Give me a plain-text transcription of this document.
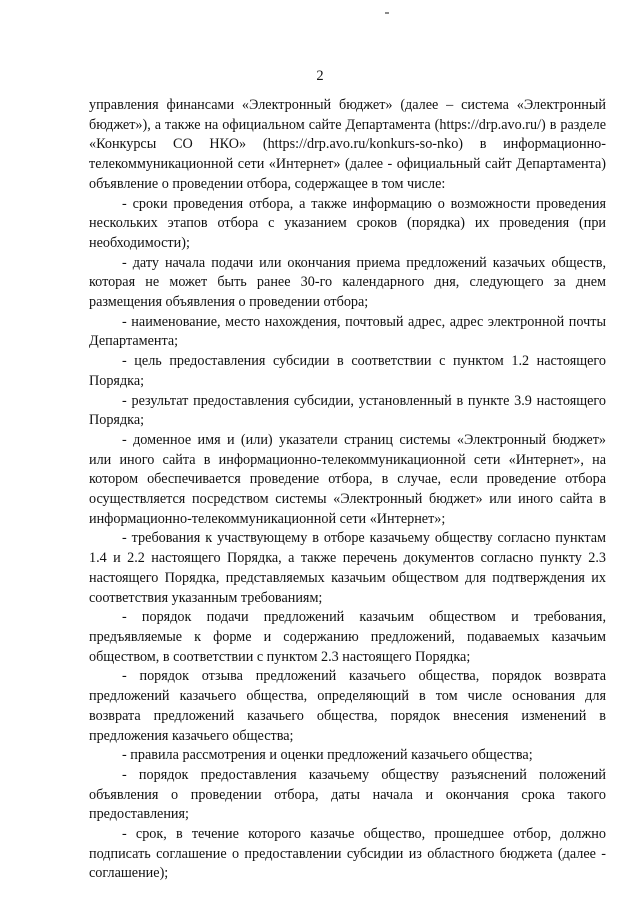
2

управления финансами «Электронный бюджет» (далее – система «Электронный бюджет»), а также на официальном сайте Департамента (https://drp.avo.ru/) в разделе «Конкурсы СО НКО» (https://drp.avo.ru/konkurs-so-nko) в информационно-телекоммуникационной сети «Интернет» (далее - официальный сайт Департамента) объявление о проведении отбора, содержащее в том числе:

- сроки проведения отбора, а также информацию о возможности проведения нескольких этапов отбора с указанием сроков (порядка) их проведения (при необходимости);

- дату начала подачи или окончания приема предложений казачьих обществ, которая не может быть ранее 30-го календарного дня, следующего за днем размещения объявления о проведении отбора;

- наименование, место нахождения, почтовый адрес, адрес электронной почты Департамента;

- цель предоставления субсидии в соответствии с пунктом 1.2 настоящего Порядка;

- результат предоставления субсидии, установленный в пункте 3.9 настоящего Порядка;

- доменное имя и (или) указатели страниц системы «Электронный бюджет» или иного сайта в информационно-телекоммуникационной сети «Интернет», на котором обеспечивается проведение отбора, в случае, если проведение отбора осуществляется посредством системы «Электронный бюджет» или иного сайта в информационно-телекоммуникационной сети «Интернет»;

- требования к участвующему в отборе казачьему обществу согласно пунктам 1.4 и 2.2 настоящего Порядка, а также перечень документов согласно пункту 2.3 настоящего Порядка, представляемых казачьим обществом для подтверждения их соответствия указанным требованиям;

- порядок подачи предложений казачьим обществом и требования, предъявляемые к форме и содержанию предложений, подаваемых казачьим обществом, в соответствии с пунктом 2.3 настоящего Порядка;

- порядок отзыва предложений казачьего общества, порядок возврата предложений казачьего общества, определяющий в том числе основания для возврата предложений казачьего общества, порядок внесения изменений в предложения казачьего общества;

- правила рассмотрения и оценки предложений казачьего общества;

- порядок предоставления казачьему обществу разъяснений положений объявления о проведении отбора, даты начала и окончания срока такого предоставления;

- срок, в течение которого казачье общество, прошедшее отбор, должно подписать соглашение о предоставлении субсидии из областного бюджета (далее - соглашение);
